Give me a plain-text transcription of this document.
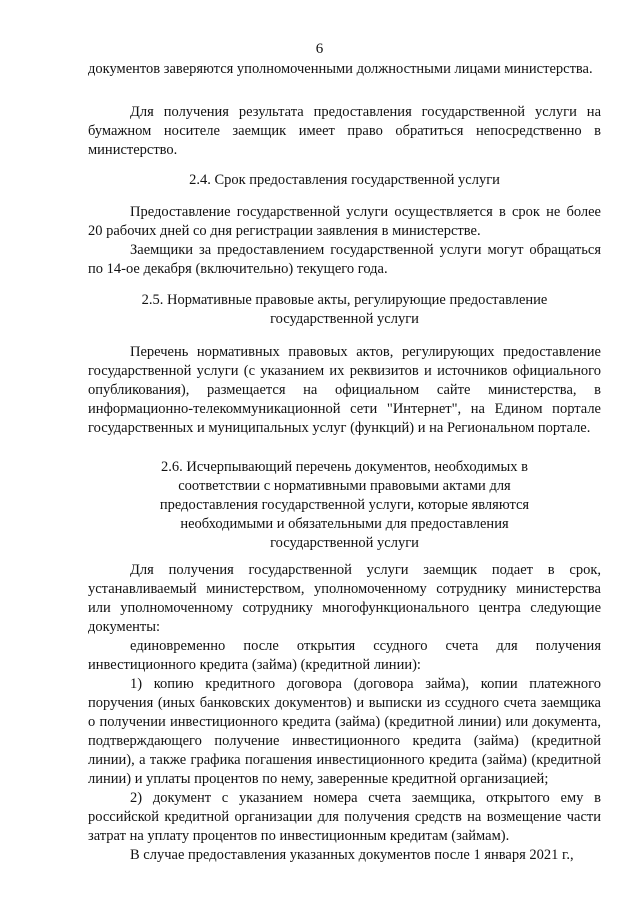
6

документов заверяются уполномоченными должностными лицами министерства.

Для получения результата предоставления государственной услуги на бумажном носителе заемщик имеет право обратиться непосредственно в министерство.

2.4. Срок предоставления государственной услуги

Предоставление государственной услуги осуществляется в срок не более 20 рабочих дней со дня регистрации заявления в министерстве.

Заемщики за предоставлением государственной услуги могут обращаться по 14-ое декабря (включительно) текущего года.

2.5. Нормативные правовые акты, регулирующие предоставление
государственной услуги

Перечень нормативных правовых актов, регулирующих предоставление государственной услуги (с указанием их реквизитов и источников официального опубликования), размещается на официальном сайте министерства, в информационно-телекоммуникационной сети "Интернет", на Едином портале государственных и муниципальных услуг (функций) и на Региональном портале.

2.6. Исчерпывающий перечень документов, необходимых в
соответствии с нормативными правовыми актами для
предоставления государственной услуги, которые являются
необходимыми и обязательными для предоставления
государственной услуги

Для получения государственной услуги заемщик подает в срок, устанавливаемый министерством, уполномоченному сотруднику министерства или уполномоченному сотруднику многофункционального центра следующие документы:

единовременно после открытия ссудного счета для получения инвестиционного кредита (займа) (кредитной линии):

1) копию кредитного договора (договора займа), копии платежного поручения (иных банковских документов) и выписки из ссудного счета заемщика о получении инвестиционного кредита (займа) (кредитной линии) или документа, подтверждающего получение инвестиционного кредита (займа) (кредитной линии), а также графика погашения инвестиционного кредита (займа) (кредитной линии) и уплаты процентов по нему, заверенные кредитной организацией;

2) документ с указанием номера счета заемщика, открытого ему в российской кредитной организации для получения средств на возмещение части затрат на уплату процентов по инвестиционным кредитам (займам).

В случае предоставления указанных документов после 1 января 2021 г.,
